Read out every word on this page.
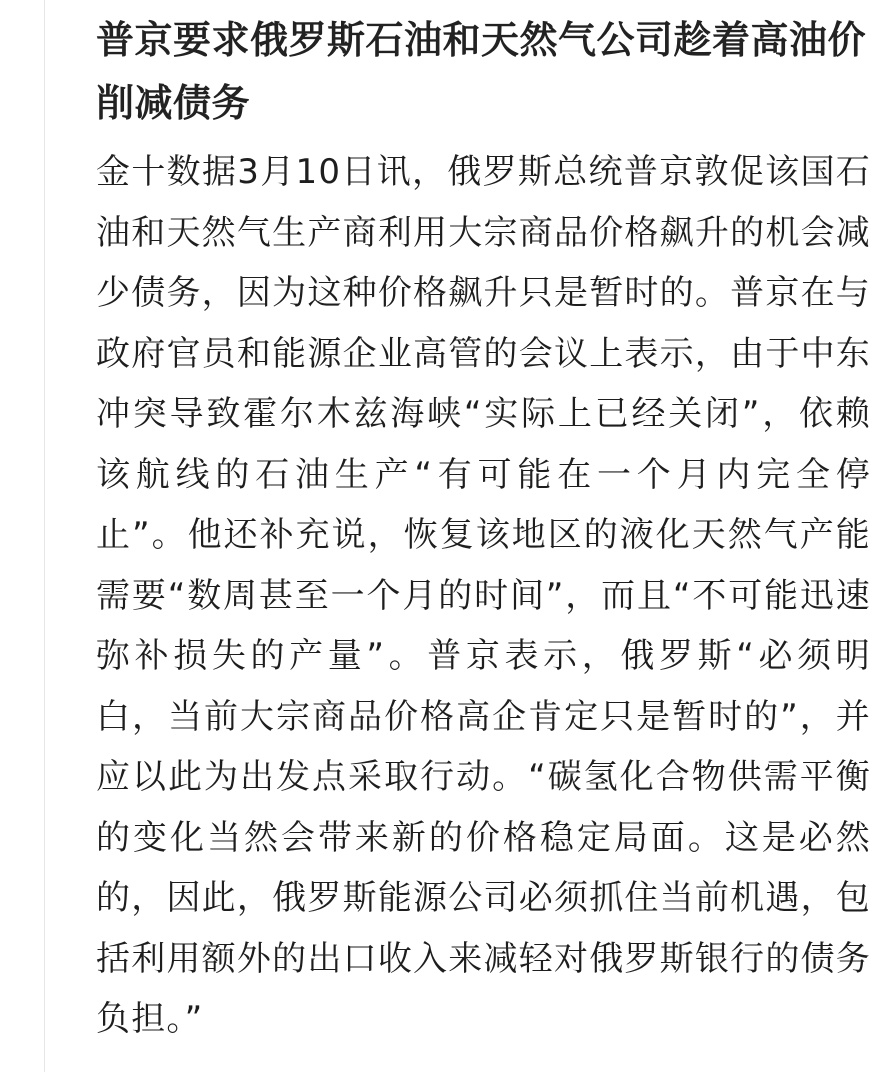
普京要求俄罗斯石油和天然气公司趁着高油价削减债务

金十数据3月10日讯，俄罗斯总统普京敦促该国石油和天然气生产商利用大宗商品价格飙升的机会减少债务，因为这种价格飙升只是暂时的。普京在与政府官员和能源企业高管的会议上表示，由于中东冲突导致霍尔木兹海峡“实际上已经关闭”，依赖该航线的石油生产“有可能在一个月内完全停止”。他还补充说，恢复该地区的液化天然气产能需要“数周甚至一个月的时间”，而且“不可能迅速弥补损失的产量”。普京表示，俄罗斯“必须明白，当前大宗商品价格高企肯定只是暂时的”，并应以此为出发点采取行动。“碳氢化合物供需平衡的变化当然会带来新的价格稳定局面。这是必然的，因此，俄罗斯能源公司必须抓住当前机遇，包括利用额外的出口收入来减轻对俄罗斯银行的债务负担。”
